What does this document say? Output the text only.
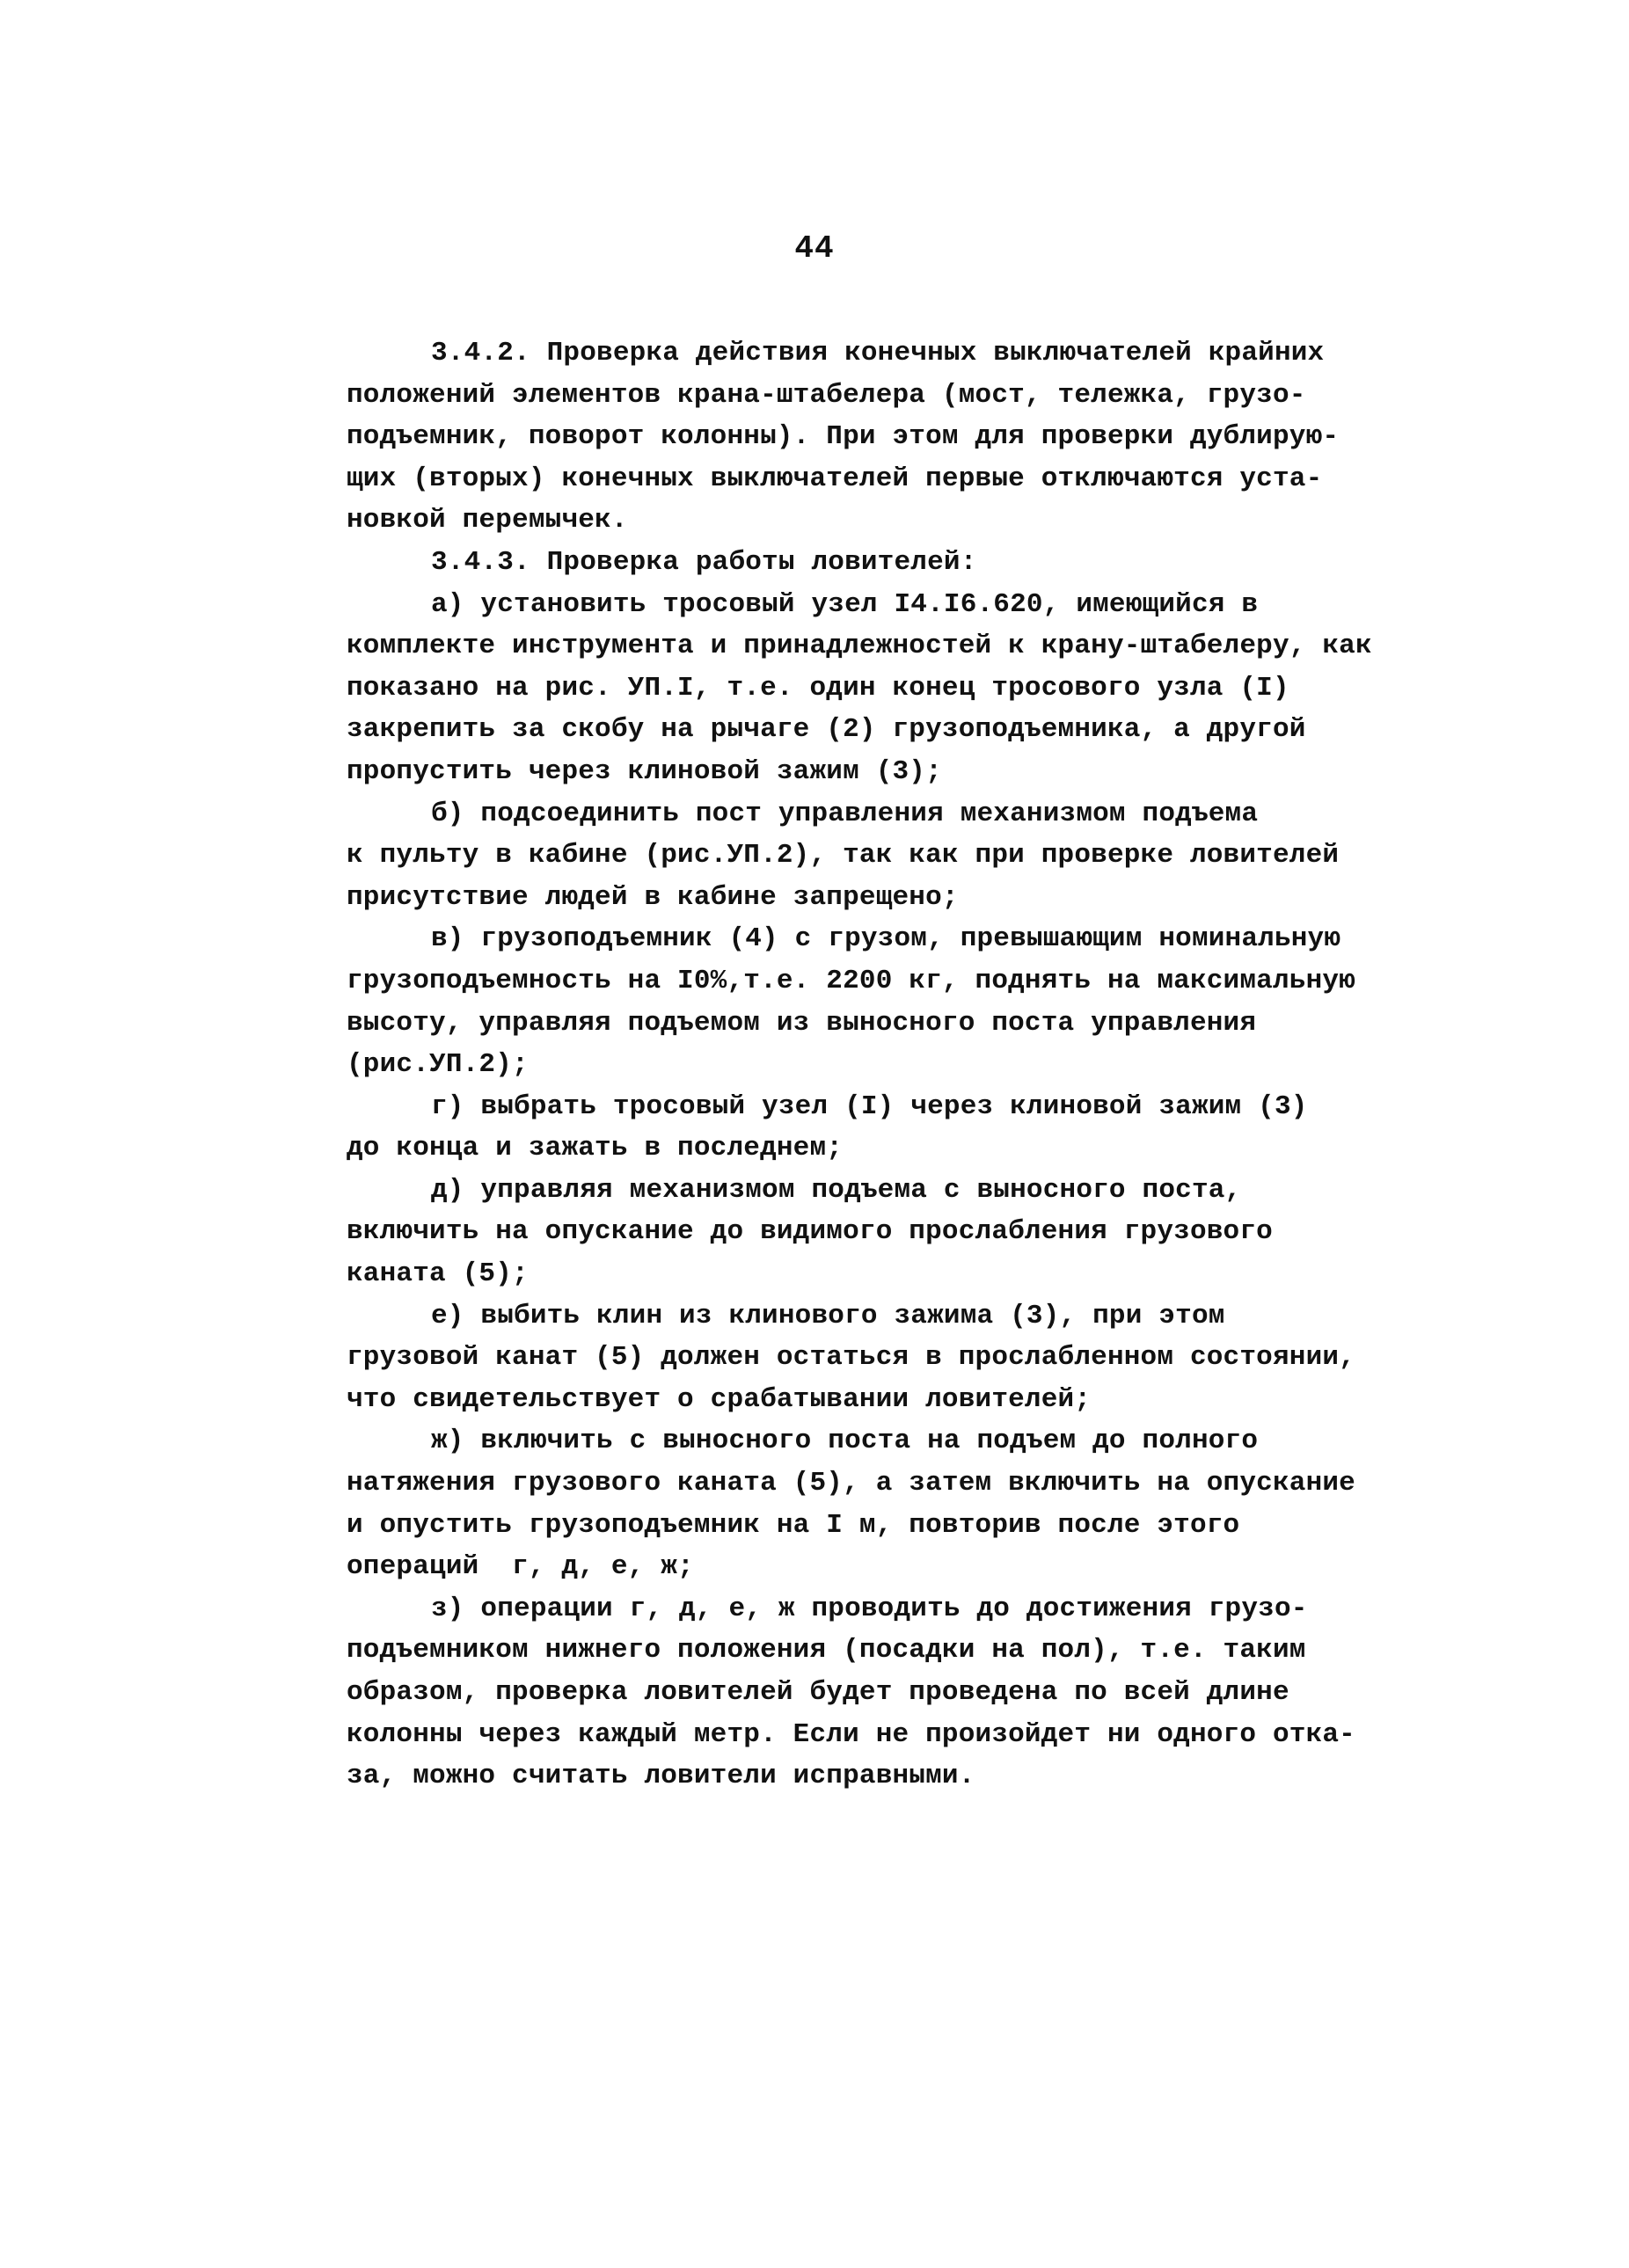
44
3.4.2. Проверка действия конечных выключателей крайних
положений элементов крана-штабелера (мост, тележка, грузо-
подъемник, поворот колонны). При этом для проверки дублирую-
щих (вторых) конечных выключателей первые отключаются уста-
новкой перемычек.
3.4.3. Проверка работы ловителей:
а) установить тросовый узел I4.I6.620, имеющийся в
комплекте инструмента и принадлежностей к крану-штабелеру, как
показано на рис. УП.I, т.е. один конец тросового узла (I)
закрепить за скобу на рычаге (2) грузоподъемника, а другой
пропустить через клиновой зажим (3);
б) подсоединить пост управления механизмом подъема
к пульту в кабине (рис.УП.2), так как при проверке ловителей
присутствие людей в кабине запрещено;
в) грузоподъемник (4) с грузом, превышающим номинальную
грузоподъемность на I0%,т.е. 2200 кг, поднять на максимальную
высоту, управляя подъемом из выносного поста управления
(рис.УП.2);
г) выбрать тросовый узел (I) через клиновой зажим (3)
до конца и зажать в последнем;
д) управляя механизмом подъема с выносного поста,
включить на опускание до видимого прослабления грузового
каната (5);
е) выбить клин из клинового зажима (3), при этом
грузовой канат (5) должен остаться в прослабленном состоянии,
что свидетельствует о срабатывании ловителей;
ж) включить с выносного поста на подъем до полного
натяжения грузового каната (5), а затем включить на опускание
и опустить грузоподъемник на I м, повторив после этого
операций  г, д, е, ж;
з) операции г, д, е, ж проводить до достижения грузо-
подъемником нижнего положения (посадки на пол), т.е. таким
образом, проверка ловителей будет проведена по всей длине
колонны через каждый метр. Если не произойдет ни одного отка-
за, можно считать ловители исправными.
